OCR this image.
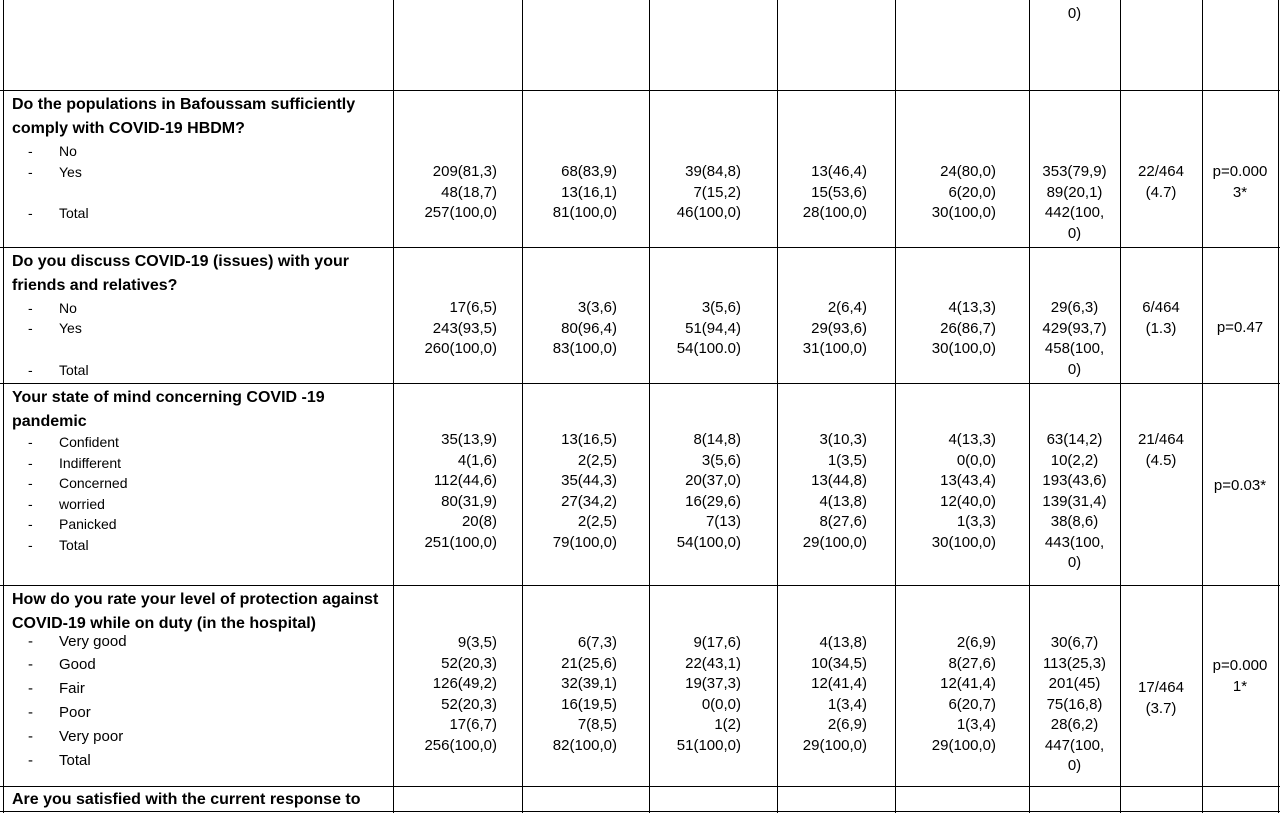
0)
Do the populations in Bafoussam sufficiently comply with COVID-19 HBDM?
- No
- Yes
- Total
209(81,3)
48(18,7)
257(100,0)
68(83,9)
13(16,1)
81(100,0)
39(84,8)
7(15,2)
46(100,0)
13(46,4)
15(53,6)
28(100,0)
24(80,0)
6(20,0)
30(100,0)
353(79,9)
89(20,1)
442(100,
0)
22/464
(4.7)
p=0.000
3*
Do you discuss COVID-19 (issues) with your friends and relatives?
- No
- Yes
- Total
17(6,5)
243(93,5)
260(100,0)
3(3,6)
80(96,4)
83(100,0)
3(5,6)
51(94,4)
54(100.0)
2(6,4)
29(93,6)
31(100,0)
4(13,3)
26(86,7)
30(100,0)
29(6,3)
429(93,7)
458(100,
0)
6/464
(1.3)	p=0.47
Your state of mind concerning COVID -19 pandemic
- Confident
- Indifferent
- Concerned
- worried
- Panicked
- Total
35(13,9)
4(1,6)
112(44,6)
80(31,9)
20(8)
251(100,0)
13(16,5)
2(2,5)
35(44,3)
27(34,2)
2(2,5)
79(100,0)
8(14,8)
3(5,6)
20(37,0)
16(29,6)
7(13)
54(100,0)
3(10,3)
1(3,5)
13(44,8)
4(13,8)
8(27,6)
29(100,0)
4(13,3)
0(0,0)
13(43,4)
12(40,0)
1(3,3)
30(100,0)
63(14,2)
10(2,2)
193(43,6)
139(31,4)
38(8,6)
443(100,
0)
21/464
(4.5)
p=0.03*
How do you rate your level of protection against COVID-19 while on duty (in the hospital)
- Very good
- Good
- Fair
- Poor
- Very poor
- Total
9(3,5)
52(20,3)
126(49,2)
52(20,3)
17(6,7)
256(100,0)
6(7,3)
21(25,6)
32(39,1)
16(19,5)
7(8,5)
82(100,0)
9(17,6)
22(43,1)
19(37,3)
0(0,0)
1(2)
51(100,0)
4(13,8)
10(34,5)
12(41,4)
1(3,4)
2(6,9)
29(100,0)
2(6,9)
8(27,6)
12(41,4)
6(20,7)
1(3,4)
29(100,0)
30(6,7)
113(25,3)
201(45)
75(16,8)
28(6,2)
447(100,
0)
17/464
(3.7)
p=0.000
1*
Are you satisfied with the current response to
